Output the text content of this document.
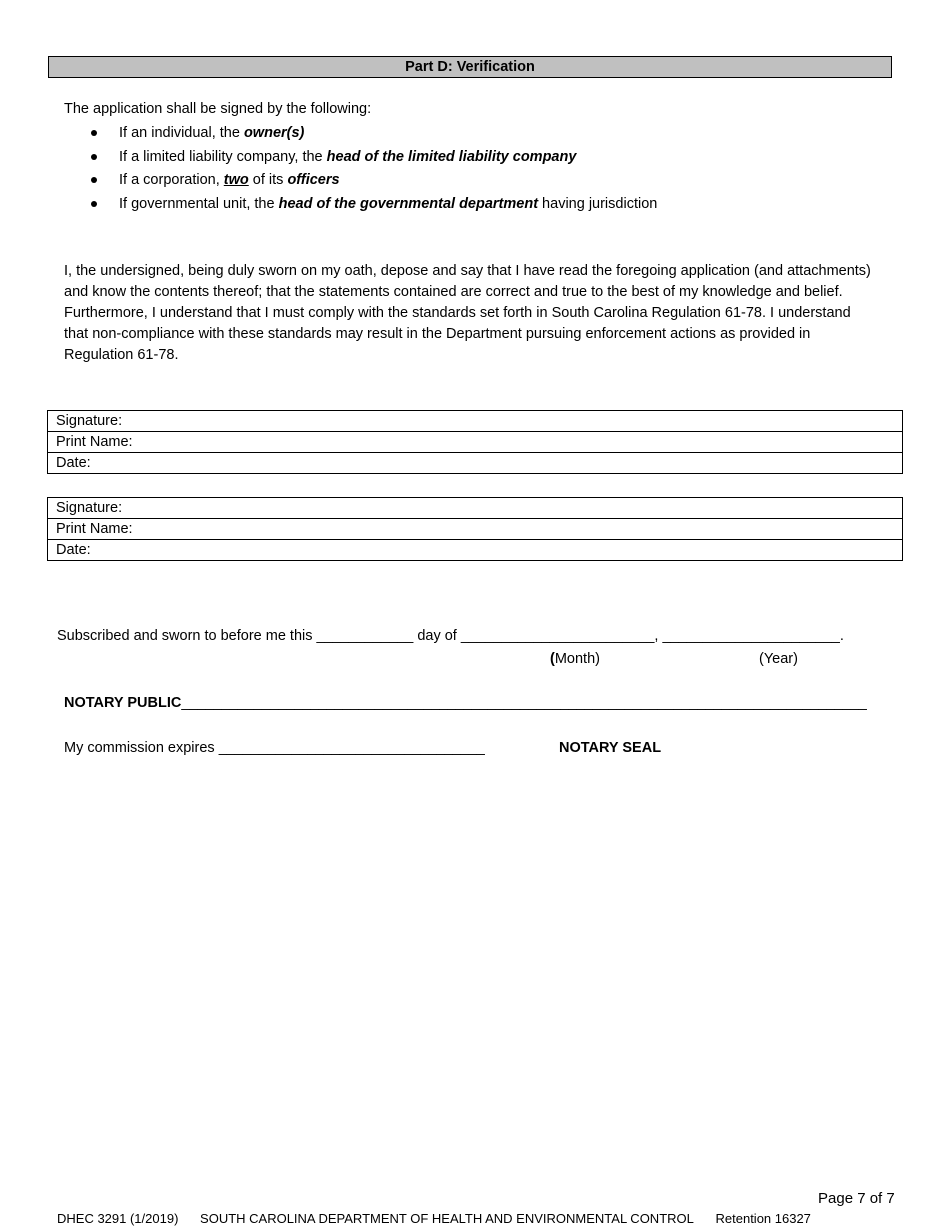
Part D: Verification
The application shall be signed by the following:
If an individual, the owner(s)
If a limited liability company, the head of the limited liability company
If a corporation, two of its officers
If governmental unit, the head of the governmental department having jurisdiction
I, the undersigned, being duly sworn on my oath, depose and say that I have read the foregoing application (and attachments) and know the contents thereof; that the statements contained are correct and true to the best of my knowledge and belief. Furthermore, I understand that I must comply with the standards set forth in South Carolina Regulation 61-78. I understand that non-compliance with these standards may result in the Department pursuing enforcement actions as provided in Regulation 61-78.
Signature:
Print Name:
Date:
Signature:
Print Name:
Date:
Subscribed and sworn to before me this ____________ day of ________________________, ______________________.
(Month)	(Year)
NOTARY PUBLIC_____________________________________________________________________________________
My commission expires _________________________________	NOTARY SEAL
Page 7 of 7
DHEC 3291 (1/2019) SOUTH CAROLINA DEPARTMENT OF HEALTH AND ENVIRONMENTAL CONTROL Retention 16327
